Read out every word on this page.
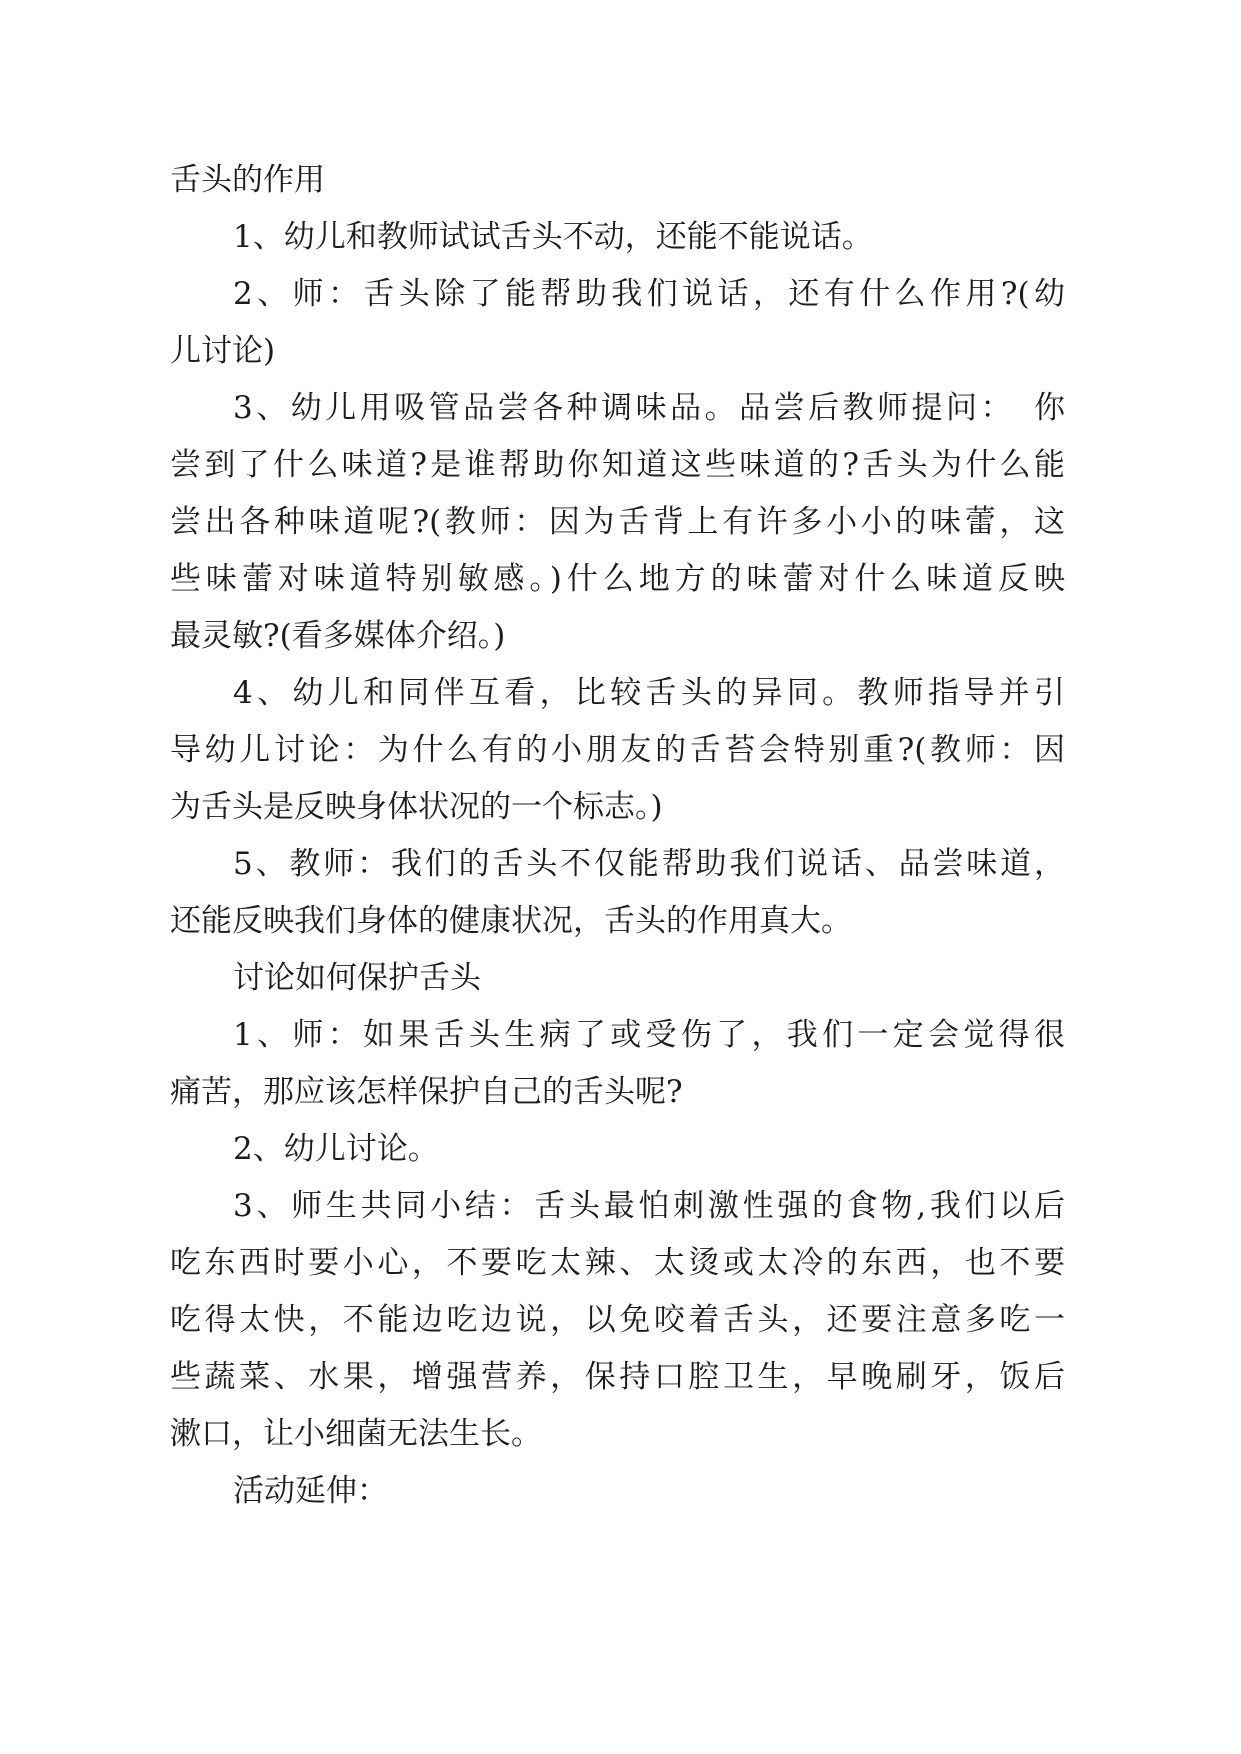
舌头的作用
1、幼儿和教师试试舌头不动，还能不能说话。
2、师：舌头除了能帮助我们说话，还有什么作用?(幼
儿讨论)
3、幼儿用吸管品尝各种调味品。品尝后教师提问：　你
尝到了什么味道?是谁帮助你知道这些味道的?舌头为什么能
尝出各种味道呢?(教师：因为舌背上有许多小小的味蕾，这
些味蕾对味道特别敏感。)什么地方的味蕾对什么味道反映
最灵敏?(看多媒体介绍。)
4、幼儿和同伴互看，比较舌头的异同。教师指导并引
导幼儿讨论：为什么有的小朋友的舌苔会特别重?(教师：因
为舌头是反映身体状况的一个标志。)
5、教师：我们的舌头不仅能帮助我们说话、品尝味道，
还能反映我们身体的健康状况，舌头的作用真大。
讨论如何保护舌头
1、师：如果舌头生病了或受伤了，我们一定会觉得很
痛苦，那应该怎样保护自己的舌头呢?
2、幼儿讨论。
3、师生共同小结：舌头最怕刺激性强的食物,我们以后
吃东西时要小心，不要吃太辣、太烫或太冷的东西，也不要
吃得太快，不能边吃边说，以免咬着舌头，还要注意多吃一
些蔬菜、水果，增强营养，保持口腔卫生，早晚刷牙，饭后
漱口，让小细菌无法生长。
活动延伸：
